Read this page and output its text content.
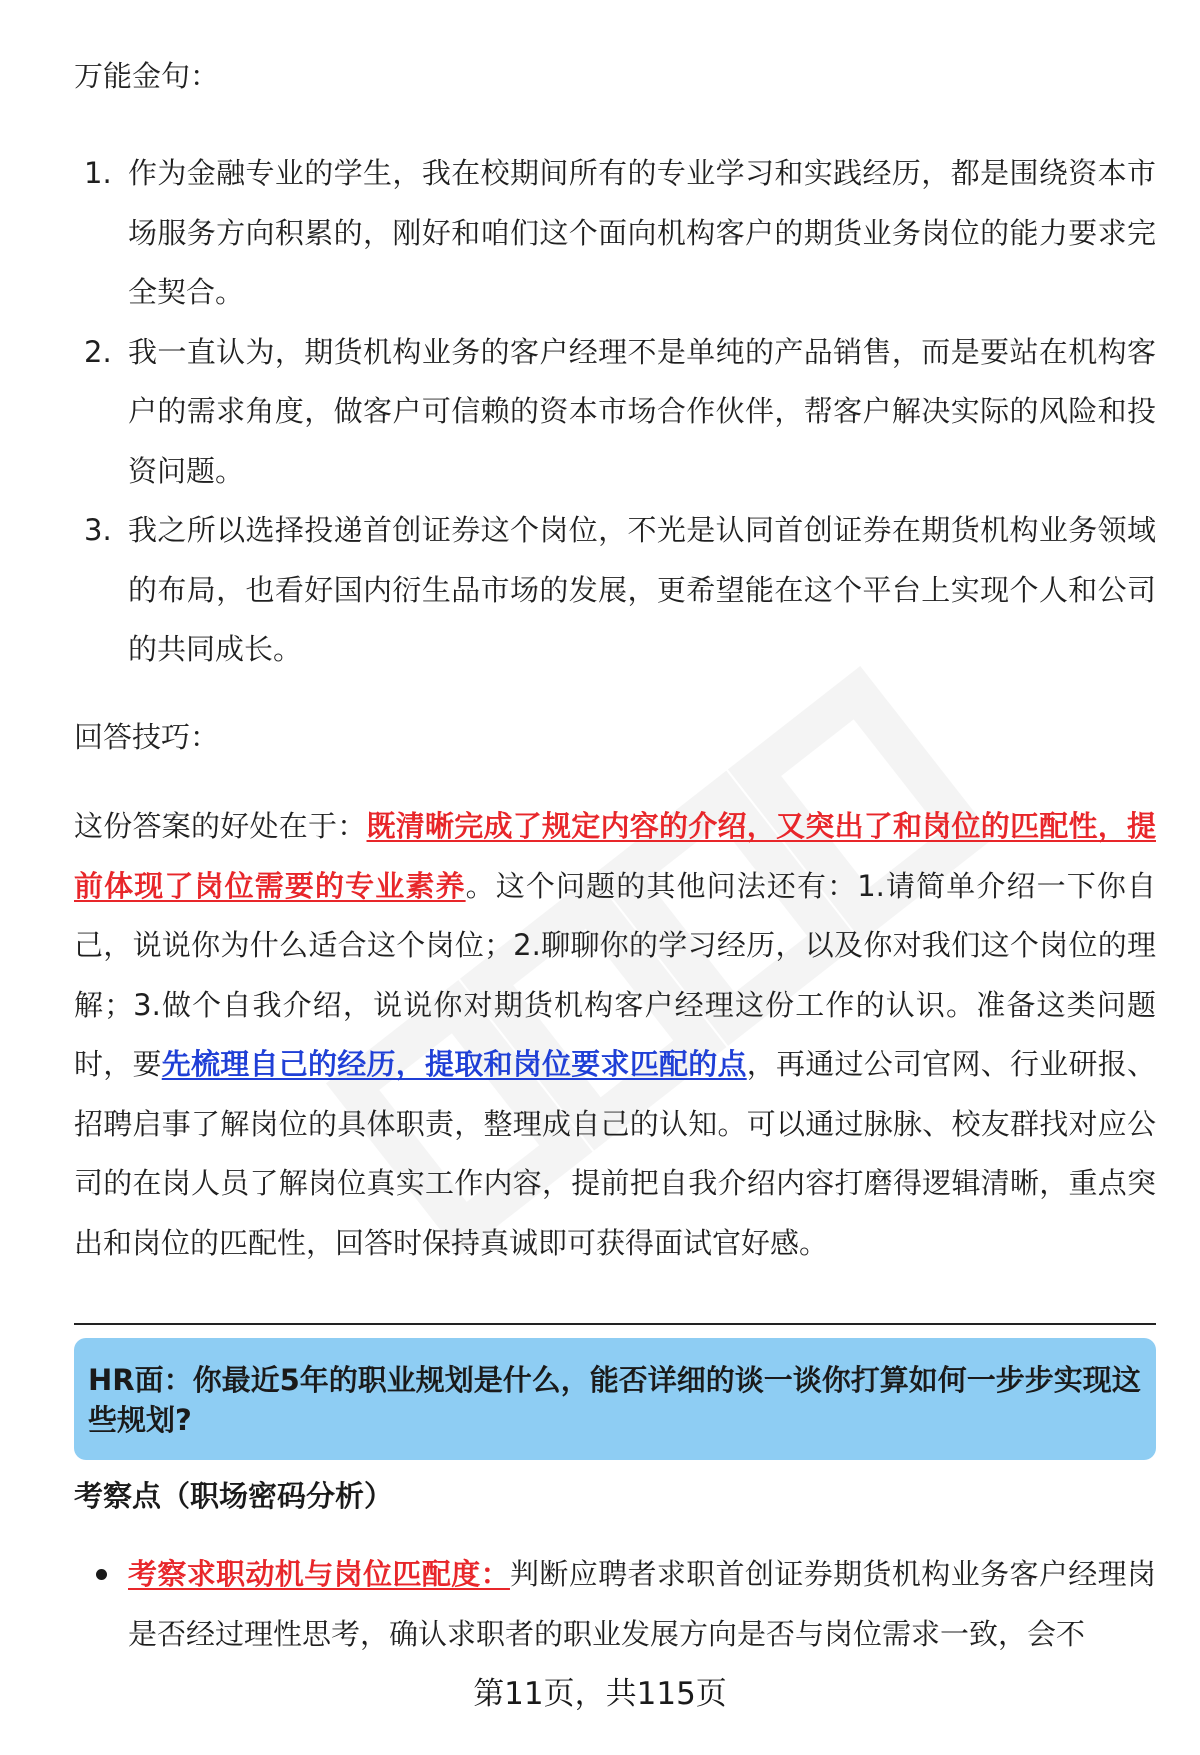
万能金句：
1. 作为金融专业的学生，我在校期间所有的专业学习和实践经历，都是围绕资本市场服务方向积累的，刚好和咱们这个面向机构客户的期货业务岗位的能力要求完全契合。
2. 我一直认为，期货机构业务的客户经理不是单纯的产品销售，而是要站在机构客户的需求角度，做客户可信赖的资本市场合作伙伴，帮客户解决实际的风险和投资问题。
3. 我之所以选择投递首创证券这个岗位，不光是认同首创证券在期货机构业务领域的布局，也看好国内衍生品市场的发展，更希望能在这个平台上实现个人和公司的共同成长。
回答技巧：

这份答案的好处在于：既清晰完成了规定内容的介绍，又突出了和岗位的匹配性，提前体现了岗位需要的专业素养。这个问题的其他问法还有：1.请简单介绍一下你自己，说说你为什么适合这个岗位；2.聊聊你的学习经历，以及你对我们这个岗位的理解；3.做个自我介绍，说说你对期货机构客户经理这份工作的认识。准备这类问题时，要先梳理自己的经历，提取和岗位要求匹配的点，再通过公司官网、行业研报、招聘启事了解岗位的具体职责，整理成自己的认知。可以通过脉脉、校友群找对应公司的在岗人员了解岗位真实工作内容，提前把自我介绍内容打磨得逻辑清晰，重点突出和岗位的匹配性，回答时保持真诚即可获得面试官好感。

HR面：你最近5年的职业规划是什么，能否详细的谈一谈你打算如何一步步实现这些规划?
考察点（职场密码分析）
考察求职动机与岗位匹配度：判断应聘者求职首创证券期货机构业务客户经理岗是否经过理性思考，确认求职者的职业发展方向是否与岗位需求一致，会不
第11页，共115页
